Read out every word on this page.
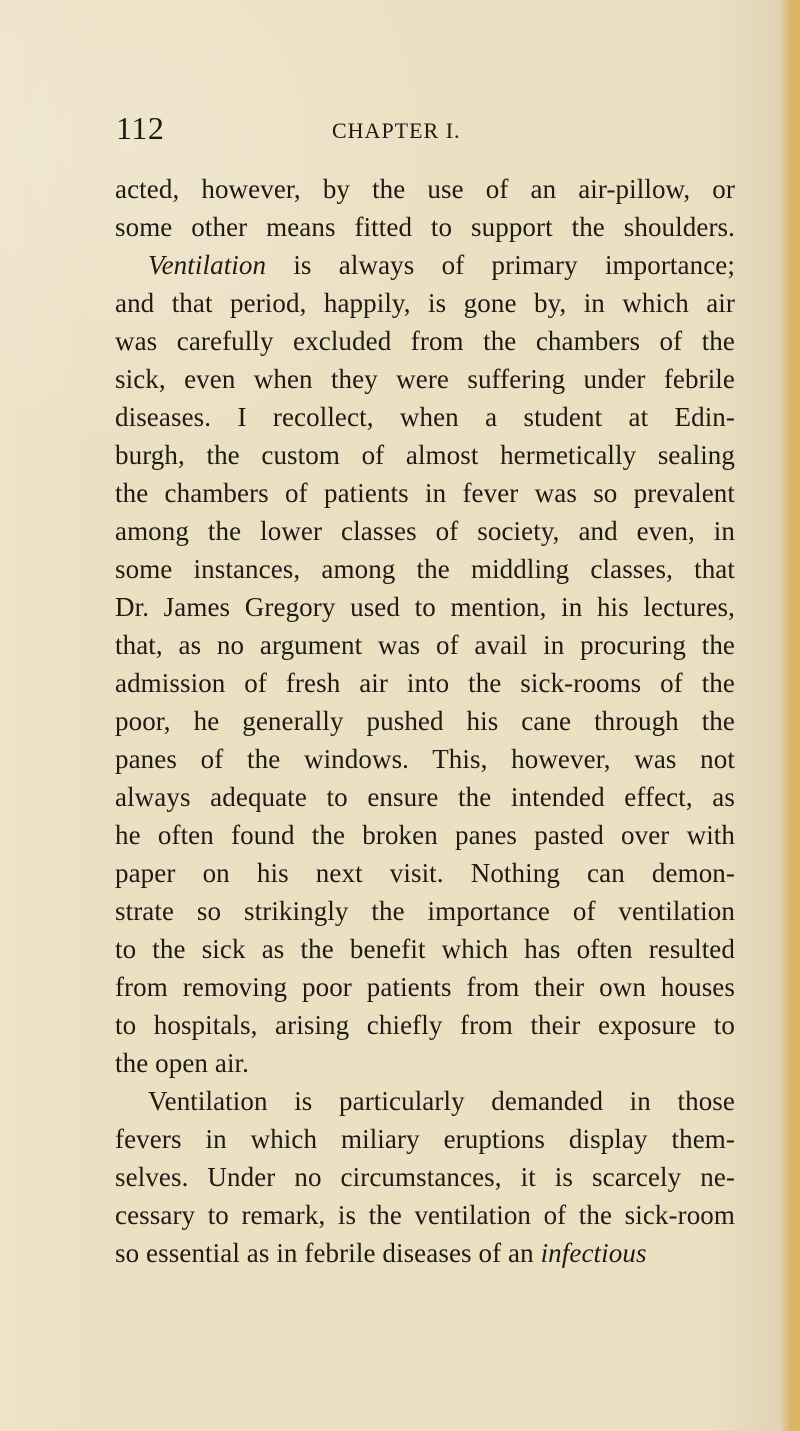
112	CHAPTER I.
acted, however, by the use of an air-pillow, or
some other means fitted to support the shoulders.
Ventilation is always of primary importance;
and that period, happily, is gone by, in which air
was carefully excluded from the chambers of the
sick, even when they were suffering under febrile
diseases. I recollect, when a student at Edin-
burgh, the custom of almost hermetically sealing
the chambers of patients in fever was so prevalent
among the lower classes of society, and even, in
some instances, among the middling classes, that
Dr. James Gregory used to mention, in his lectures,
that, as no argument was of avail in procuring the
admission of fresh air into the sick-rooms of the
poor, he generally pushed his cane through the
panes of the windows. This, however, was not
always adequate to ensure the intended effect, as
he often found the broken panes pasted over with
paper on his next visit. Nothing can demon-
strate so strikingly the importance of ventilation
to the sick as the benefit which has often resulted
from removing poor patients from their own houses
to hospitals, arising chiefly from their exposure to
the open air.
Ventilation is particularly demanded in those
fevers in which miliary eruptions display them-
selves. Under no circumstances, it is scarcely ne-
cessary to remark, is the ventilation of the sick-room
so essential as in febrile diseases of an infectious
